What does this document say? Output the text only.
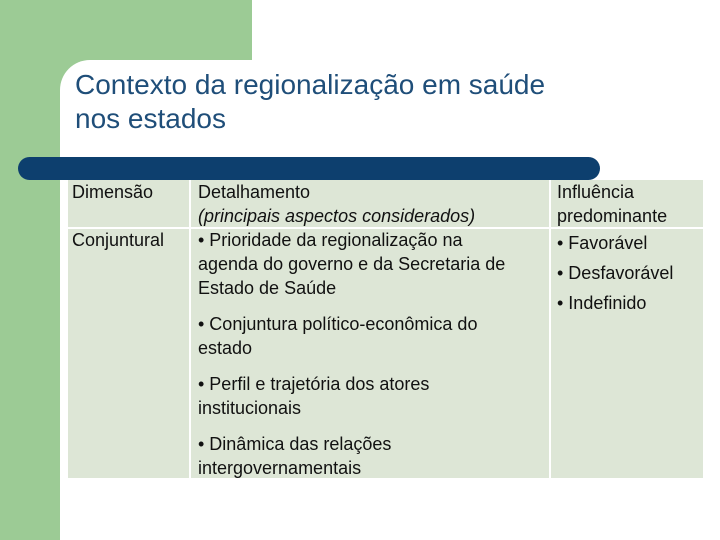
Contexto da regionalização em saúde
nos estados

Dimensão Detalhamento

(principais aspectos considerados)

Influência

predominante

Conjuntural • Prioridade da regionalização na

agenda do governo e da Secretaria de

Estado de Saúde

• Conjuntura político-econômica do

estado

• Perfil e trajetória dos atores

institucionais

• Dinâmica das relações

intergovernamentais

• Favorável

• Desfavorável

• Indefinido
